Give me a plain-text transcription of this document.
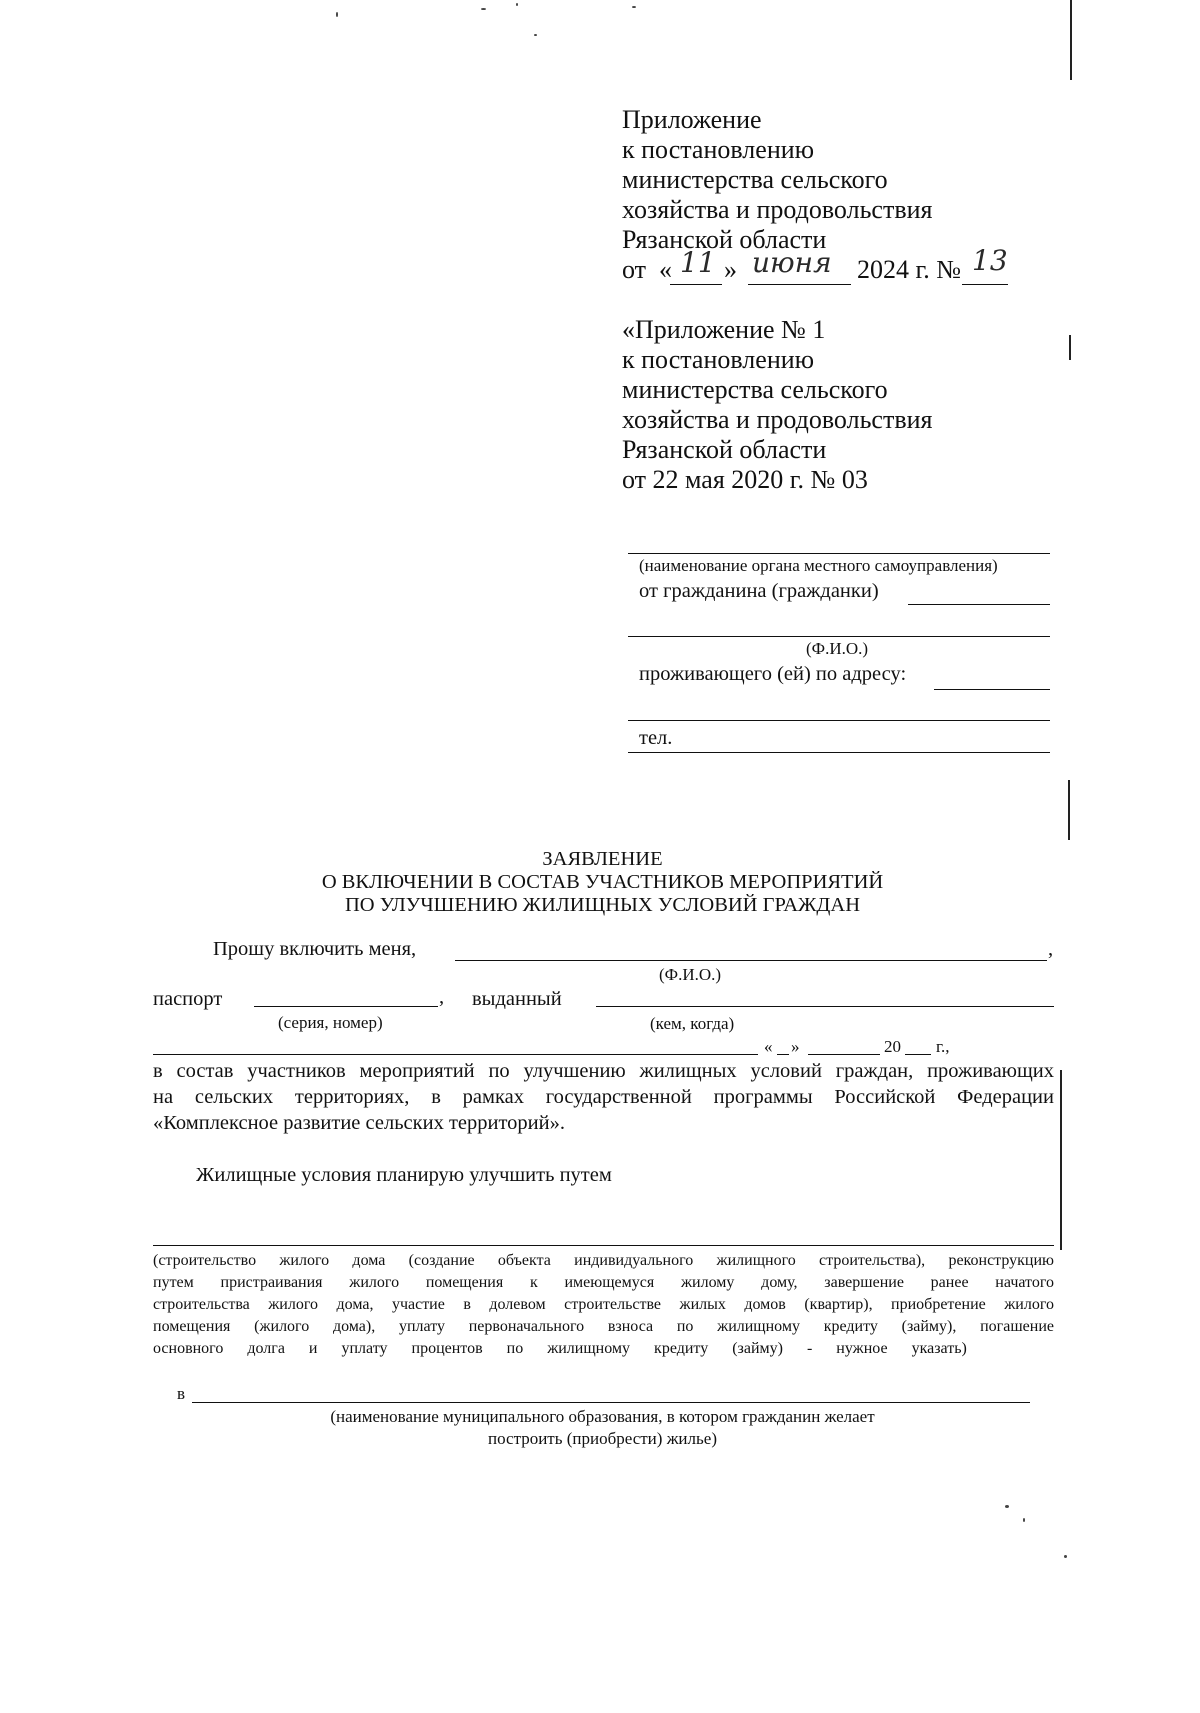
Приложение
к постановлению
министерства сельского
хозяйства и продовольствия
Рязанской области
от « 11 » июня 2024 г. № 13
«Приложение № 1
к постановлению
министерства сельского
хозяйства и продовольствия
Рязанской области
от 22 мая 2020 г. № 03
(наименование органа местного самоуправления)
от гражданина (гражданки)
(Ф.И.О.)
проживающего (ей) по адресу:
тел.
ЗАЯВЛЕНИЕ
О ВКЛЮЧЕНИИ В СОСТАВ УЧАСТНИКОВ МЕРОПРИЯТИЙ
ПО УЛУЧШЕНИЮ ЖИЛИЩНЫХ УСЛОВИЙ ГРАЖДАН
Прошу включить меня,	,
(Ф.И.О.)
паспорт	, выданный
(серия, номер)	(кем, когда)
« »	20 г.,
в состав участников мероприятий по улучшению жилищных условий граждан, проживающих
на сельских территориях, в рамках государственной программы Российской Федерации
«Комплексное развитие сельских территорий».
Жилищные условия планирую улучшить путем
(строительство жилого дома (создание объекта индивидуального жилищного строительства), реконструкцию
путем пристраивания жилого помещения к имеющемуся жилому дому, завершение ранее начатого
строительства жилого дома, участие в долевом строительстве жилых домов (квартир), приобретение жилого
помещения (жилого дома), уплату первоначального взноса по жилищному кредиту (займу), погашение
основного долга и уплату процентов по жилищному кредиту (займу) - нужное указать)
в
(наименование муниципального образования, в котором гражданин желает
построить (приобрести) жилье)
